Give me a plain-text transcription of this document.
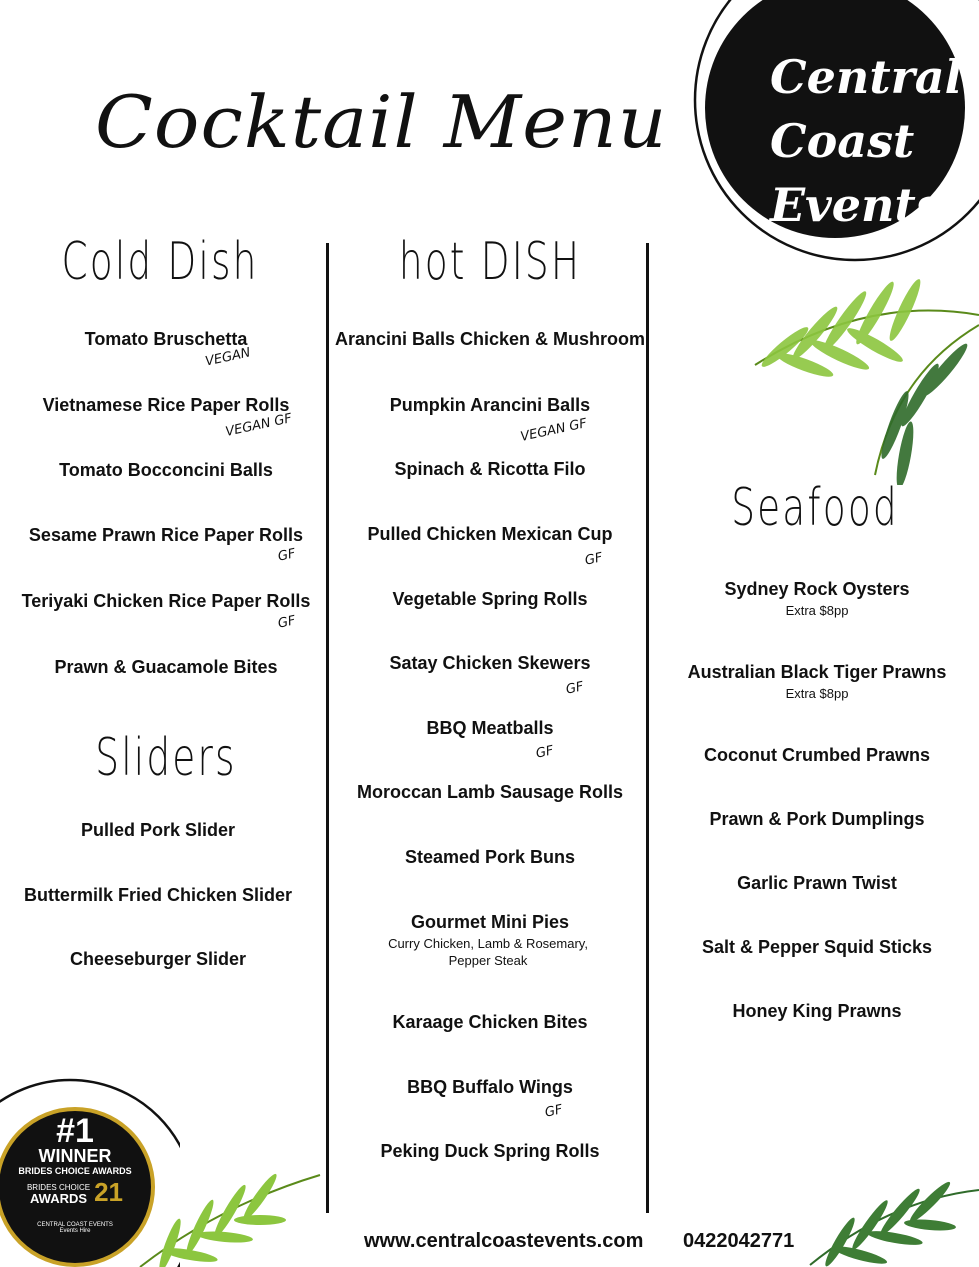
Central
Coast
Events
#1
WINNER
BRIDES CHOICE AWARDS
BRIDES CHOICE
AWARDS 21
CENTRAL COAST EVENTS
Events Hire
Cocktail Menu
Cold Dish
Tomato Bruschetta
VEGAN
Vietnamese Rice Paper Rolls
VEGAN GF
Tomato Bocconcini Balls
Sesame Prawn Rice Paper Rolls
GF
Teriyaki Chicken Rice Paper Rolls
GF
Prawn & Guacamole Bites
Sliders
Pulled Pork Slider
Buttermilk Fried Chicken Slider
Cheeseburger Slider
hot DISH
Arancini Balls Chicken & Mushroom
Pumpkin Arancini Balls
VEGAN GF
Spinach & Ricotta Filo
Pulled Chicken Mexican Cup
GF
Vegetable Spring Rolls
Satay Chicken Skewers
GF
BBQ Meatballs
GF
Moroccan Lamb Sausage Rolls
Steamed Pork Buns
Gourmet Mini Pies
Curry Chicken, Lamb & Rosemary,
Pepper Steak
Karaage Chicken Bites
BBQ Buffalo Wings
GF
Peking Duck Spring Rolls
Seafood
Sydney Rock Oysters
Extra $8pp
Australian Black Tiger Prawns
Extra $8pp
Coconut Crumbed Prawns
Prawn & Pork Dumplings
Garlic Prawn Twist
Salt & Pepper Squid Sticks
Honey King Prawns
www.centralcoastevents.com 0422042771
